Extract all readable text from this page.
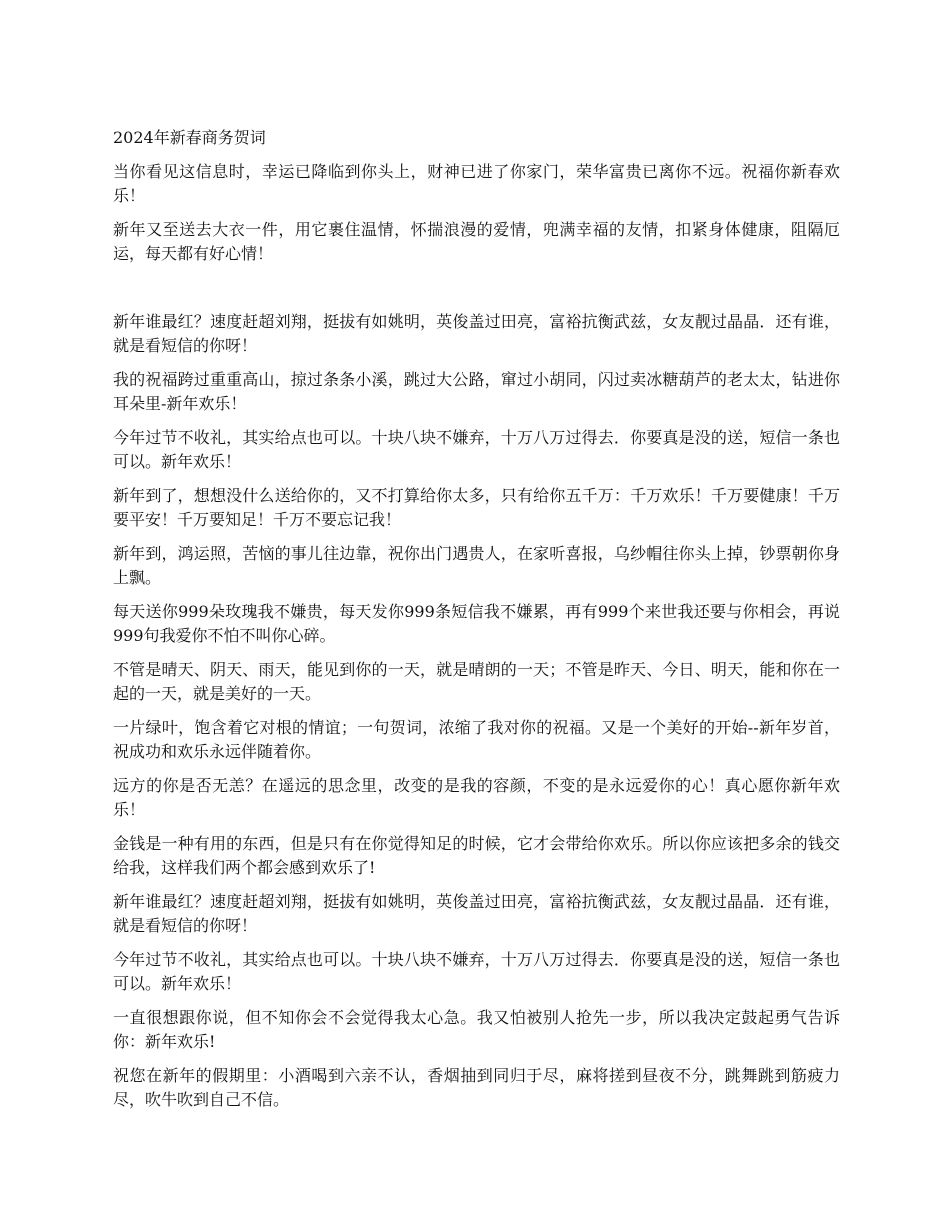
2024年新春商务贺词

当你看见这信息时，幸运已降临到你头上，财神已进了你家门，荣华富贵已离你不远。祝福你新春欢乐！

新年又至送去大衣一件，用它裹住温情，怀揣浪漫的爱情，兜满幸福的友情，扣紧身体健康，阻隔厄运，每天都有好心情！

新年谁最红？速度赶超刘翔，挺拔有如姚明，英俊盖过田亮，富裕抗衡武兹，女友靓过晶晶．还有谁，就是看短信的你呀！

我的祝福跨过重重高山，掠过条条小溪，跳过大公路，窜过小胡同，闪过卖冰糖葫芦的老太太，钻进你耳朵里-新年欢乐！

今年过节不收礼，其实给点也可以。十块八块不嫌弃，十万八万过得去．你要真是没的送，短信一条也可以。新年欢乐！

新年到了，想想没什么送给你的，又不打算给你太多，只有给你五千万：千万欢乐！千万要健康！千万要平安！千万要知足！千万不要忘记我！

新年到，鸿运照，苦恼的事儿往边靠，祝你出门遇贵人，在家听喜报，乌纱帽往你头上掉，钞票朝你身上飘。

每天送你999朵玫瑰我不嫌贵，每天发你999条短信我不嫌累，再有999个来世我还要与你相会，再说999句我爱你不怕不叫你心碎。

不管是晴天、阴天、雨天，能见到你的一天，就是晴朗的一天；不管是昨天、今日、明天，能和你在一起的一天，就是美好的一天。

一片绿叶，饱含着它对根的情谊；一句贺词，浓缩了我对你的祝福。又是一个美好的开始--新年岁首，祝成功和欢乐永远伴随着你。

远方的你是否无恙？在遥远的思念里，改变的是我的容颜，不变的是永远爱你的心！真心愿你新年欢乐！

金钱是一种有用的东西，但是只有在你觉得知足的时候，它才会带给你欢乐。所以你应该把多余的钱交给我，这样我们两个都会感到欢乐了!

新年谁最红？速度赶超刘翔，挺拔有如姚明，英俊盖过田亮，富裕抗衡武兹，女友靓过晶晶．还有谁，就是看短信的你呀！

今年过节不收礼，其实给点也可以。十块八块不嫌弃，十万八万过得去．你要真是没的送，短信一条也可以。新年欢乐！

一直很想跟你说，但不知你会不会觉得我太心急。我又怕被别人抢先一步，所以我决定鼓起勇气告诉你：新年欢乐!

祝您在新年的假期里：小酒喝到六亲不认，香烟抽到同归于尽，麻将搓到昼夜不分，跳舞跳到筋疲力尽，吹牛吹到自己不信。
